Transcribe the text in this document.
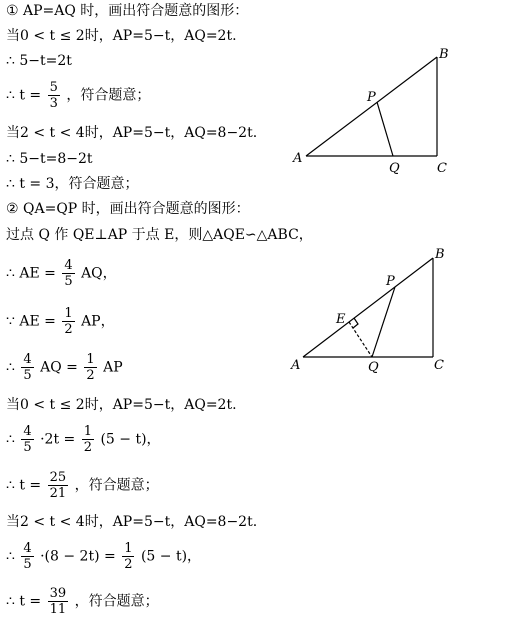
① AP=AQ 时，画出符合题意的图形：
当0 < t ≤ 2时，AP=5−t，AQ=2t.
∴ 5−t=2t
∴ $t = \frac{5}{3}$ ，符合题意；
当2 < t < 4时，AP=5−t，AQ=8−2t.
∴ 5−t=8−2t
∴ t = 3，符合题意；
② QA=QP 时，画出符合题意的图形：
过点 Q 作 QE⊥AP 于点 E，则△AQE∽△ABC，
∴ AE = $\frac{4}{5}$ AQ，
∵ AE = $\frac{1}{2}$ AP，
∴ $\frac{4}{5}$ AQ = $\frac{1}{2}$ AP
当0 < t ≤ 2时，AP=5−t，AQ=2t.
∴ $\frac{4}{5} \cdot 2t = \frac{1}{2} (5 - t)$，
∴ $t = \frac{25}{21}$ ，符合题意；
当2 < t < 4时，AP=5−t，AQ=8−2t.
∴ $\frac{4}{5} \cdot(8 - 2t) = \frac{1}{2} (5 - t)$，
∴ $t = \frac{39}{11}$ ，符合题意；
A
B
C
P
Q
A
B
C
P
Q
E
